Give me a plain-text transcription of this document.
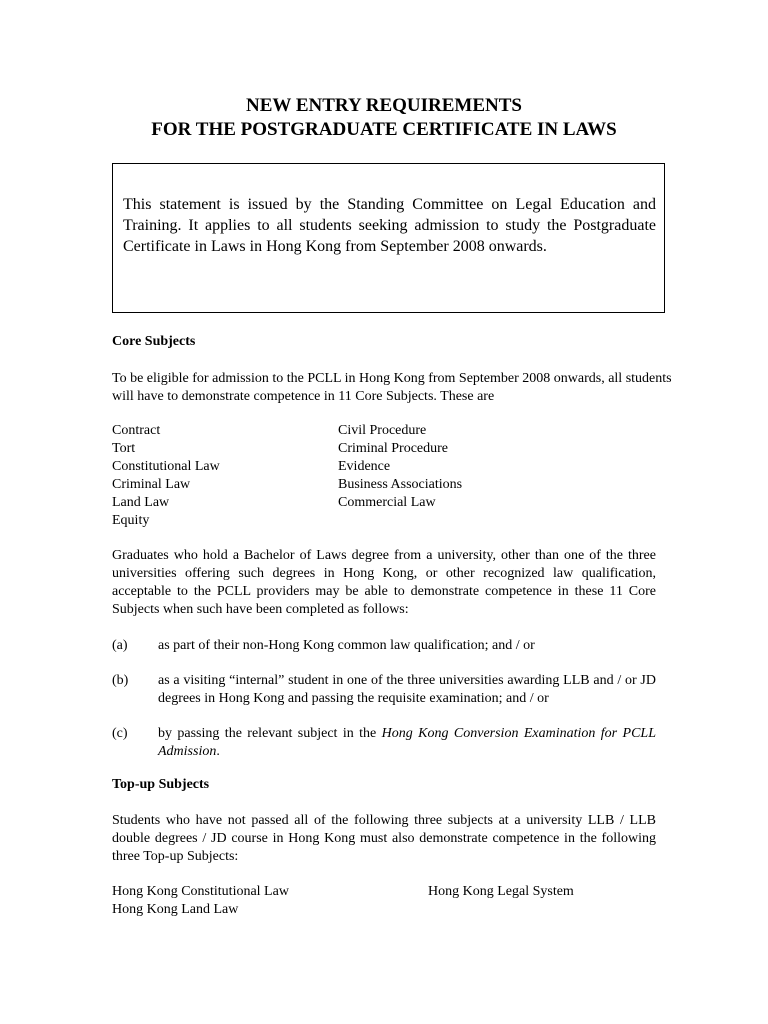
NEW ENTRY REQUIREMENTS
FOR THE POSTGRADUATE CERTIFICATE IN LAWS
This statement is issued by the Standing Committee on Legal Education and Training. It applies to all students seeking admission to study the Postgraduate Certificate in Laws in Hong Kong from September 2008 onwards.
Core Subjects
To be eligible for admission to the PCLL in Hong Kong from September 2008 onwards, all students will have to demonstrate competence in 11 Core Subjects. These are
Contract
Tort
Constitutional Law
Criminal Law
Land Law
Equity
Civil Procedure
Criminal Procedure
Evidence
Business Associations
Commercial Law
Graduates who hold a Bachelor of Laws degree from a university, other than one of the three universities offering such degrees in Hong Kong, or other recognized law qualification, acceptable to the PCLL providers may be able to demonstrate competence in these 11 Core Subjects when such have been completed as follows:
(a) as part of their non-Hong Kong common law qualification; and / or
(b) as a visiting “internal” student in one of the three universities awarding LLB and / or JD degrees in Hong Kong and passing the requisite examination; and / or
(c) by passing the relevant subject in the Hong Kong Conversion Examination for PCLL Admission.
Top-up Subjects
Students who have not passed all of the following three subjects at a university LLB / LLB double degrees / JD course in Hong Kong must also demonstrate competence in the following three Top-up Subjects:
Hong Kong Constitutional Law
Hong Kong Land Law
Hong Kong Legal System
